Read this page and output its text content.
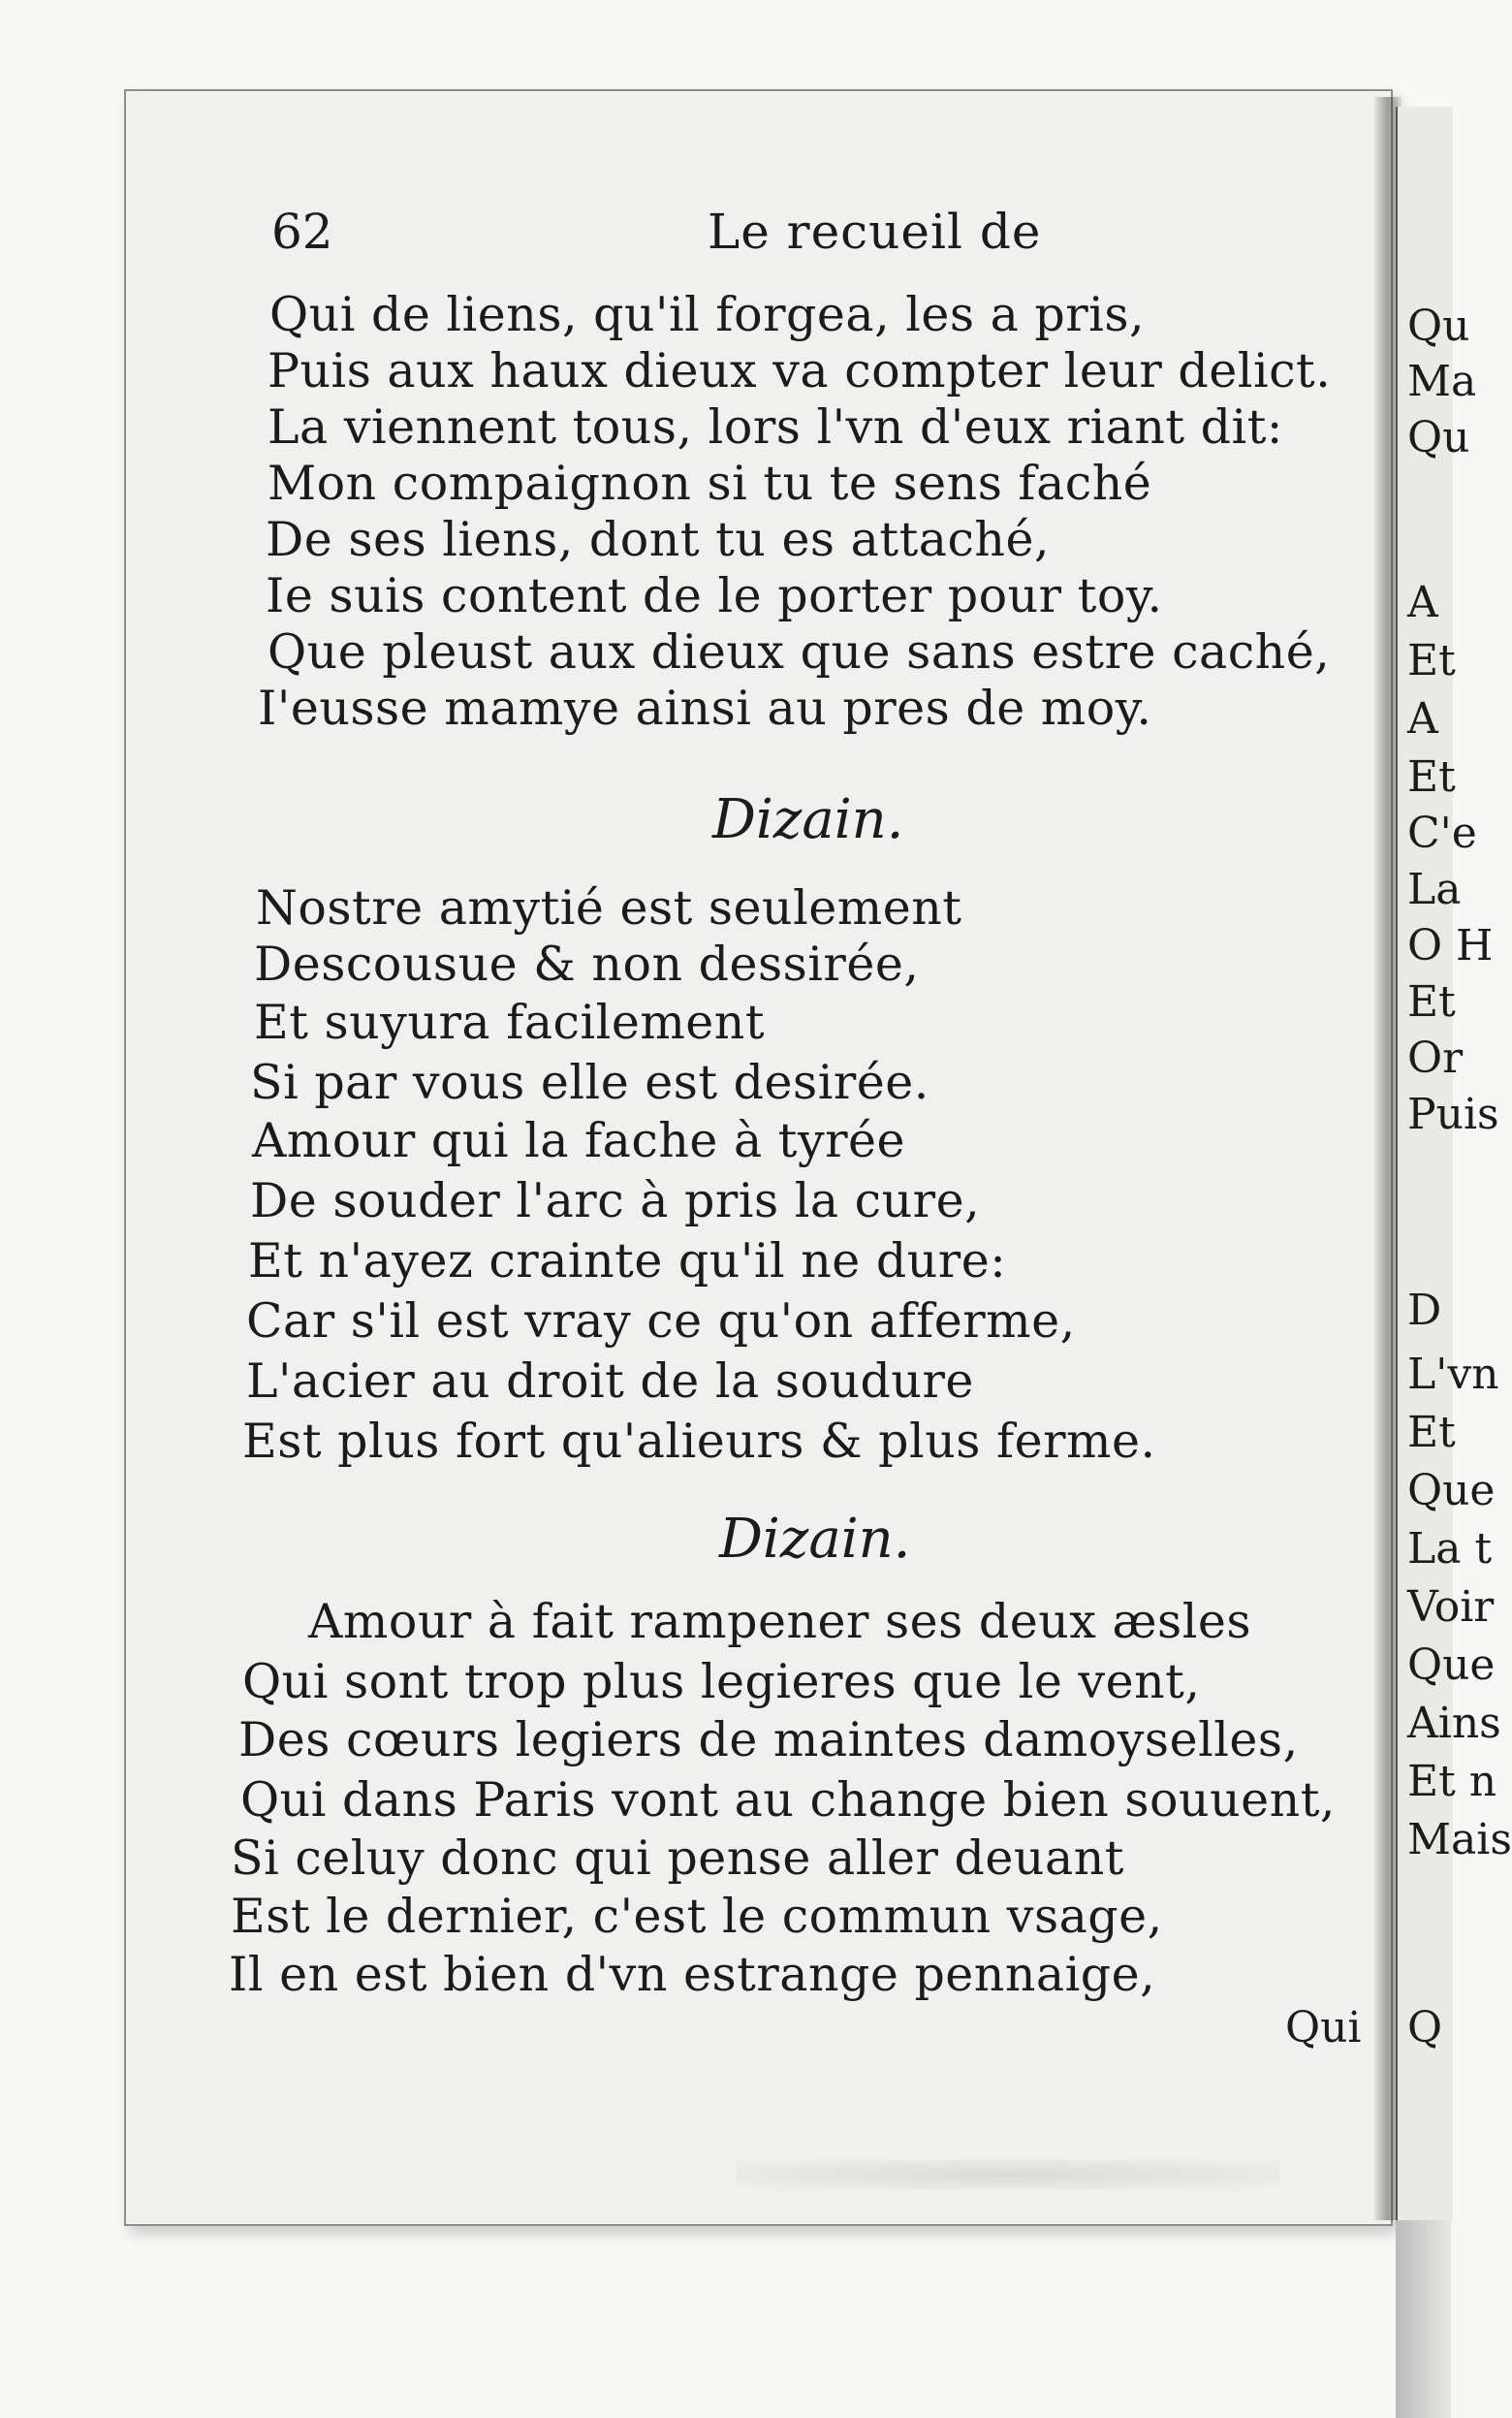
Qu
Ma
Qu
A
Et
A
Et
C'e
La
O H
Et
Or
Puis
D
L'vn
Et
Que
La t
Voir
Que
Ains
Et n
Mais
Q
62	Le recueil de
Qui de liens, qu'il forgea, les a pris,
Puis aux haux dieux va compter leur delict.
La viennent tous, lors l'vn d'eux riant dit:
Mon compaignon si tu te sens faché
De ses liens, dont tu es attaché,
Ie suis content de le porter pour toy.
Que pleust aux dieux que sans estre caché,
I'eusse mamye ainsi au pres de moy.
Dizain.
Nostre amytié est seulement
Descousue & non dessirée,
Et suyura facilement
Si par vous elle est desirée.
Amour qui la fache à tyrée
De souder l'arc à pris la cure,
Et n'ayez crainte qu'il ne dure:
Car s'il est vray ce qu'on afferme,
L'acier au droit de la soudure
Est plus fort qu'alieurs & plus ferme.
Dizain.
Amour à fait rampener ses deux æsles
Qui sont trop plus legieres que le vent,
Des cœurs legiers de maintes damoyselles,
Qui dans Paris vont au change bien souuent,
Si celuy donc qui pense aller deuant
Est le dernier, c'est le commun vsage,
Il en est bien d'vn estrange pennaige,
Qui
